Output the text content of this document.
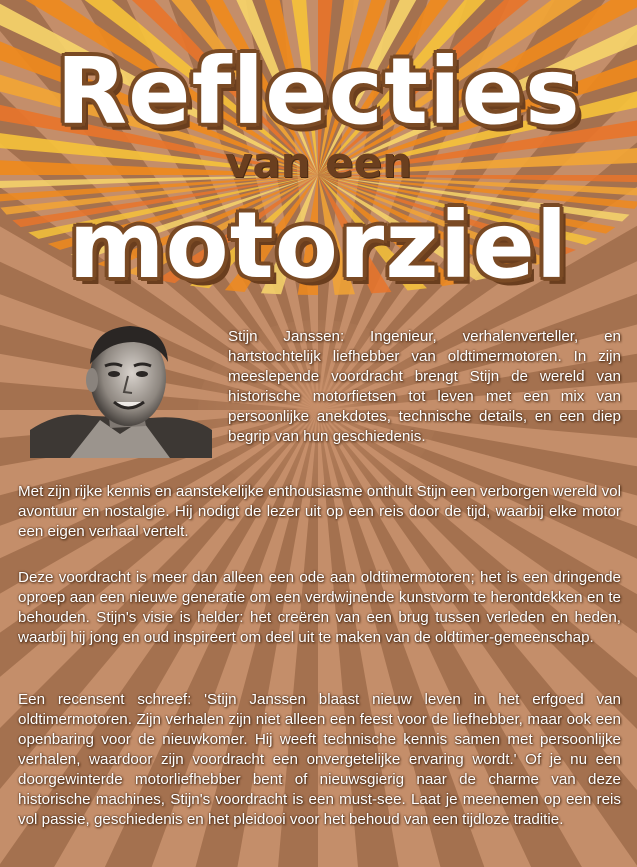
Reflecties
van een
motorziel

Stijn Janssen: Ingenieur, verhalenverteller, en hartstochtelijk liefhebber van oldtimermotoren. In zijn meeslepende voordracht brengt Stijn de wereld van historische motorfietsen tot leven met een mix van persoonlijke anekdotes, technische details, en een diep begrip van hun geschiedenis.

Met zijn rijke kennis en aanstekelijke enthousiasme onthult Stijn een verborgen wereld vol avontuur en nostalgie. Hij nodigt de lezer uit op een reis door de tijd, waarbij elke motor een eigen verhaal vertelt.

Deze voordracht is meer dan alleen een ode aan oldtimermotoren; het is een dringende oproep aan een nieuwe generatie om een verdwijnende kunstvorm te herontdekken en te behouden. Stijn's visie is helder: het creëren van een brug tussen verleden en heden, waarbij hij jong en oud inspireert om deel uit te maken van de oldtimer-gemeenschap.

Een recensent schreef: 'Stijn Janssen blaast nieuw leven in het erfgoed van oldtimermotoren. Zijn verhalen zijn niet alleen een feest voor de liefhebber, maar ook een openbaring voor de nieuwkomer. Hij weeft technische kennis samen met persoonlijke verhalen, waardoor zijn voordracht een onvergetelijke ervaring wordt.' Of je nu een doorgewinterde motorliefhebber bent of nieuwsgierig naar de charme van deze historische machines, Stijn's voordracht is een must-see. Laat je meenemen op een reis vol passie, geschiedenis en het pleidooi voor het behoud van een tijdloze traditie.
